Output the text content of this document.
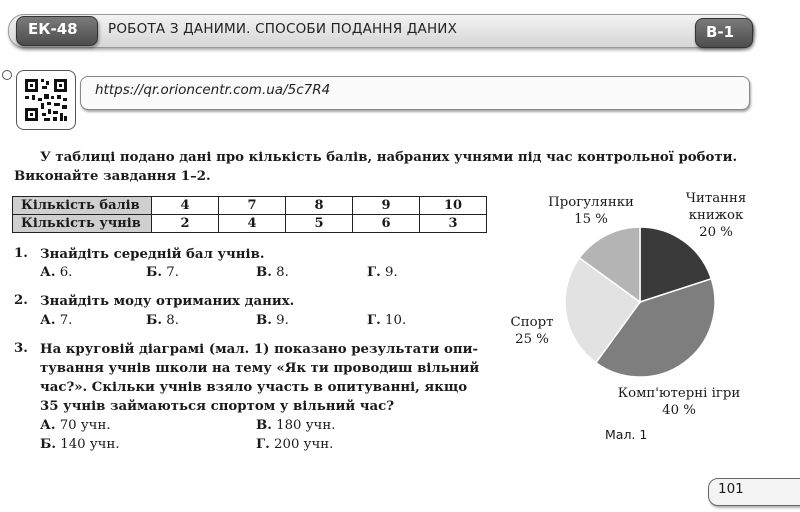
ЕК-48	РОБОТА З ДАНИМИ. СПОСОБИ ПОДАННЯ ДАНИХ	В-1
https://qr.orioncentr.com.ua/5c7R4
У таблиці подано дані про кількість балів, набраних учнями під час контрольної роботи. Виконайте завдання 1–2.
Кількість балів	4	7	8	9	10
Кількість учнів	2	4	5	6	3
1. Знайдіть середній бал учнів.
А. 6.	Б. 7.	В. 8.	Г. 9.
2. Знайдіть моду отриманих даних.
А. 7.	Б. 8.	В. 9.	Г. 10.
3. На круговій діаграмі (мал. 1) показано результати опи-
тування учнів школи на тему «Як ти проводиш вільний
час?». Скільки учнів взяло участь в опитуванні, якщо
35 учнів займаються спортом у вільний час?
А. 70 учн.	В. 180 учн.
Б. 140 учн.	Г. 200 учн.
Прогулянки
15 %
Читання
книжок
20 %
Спорт
25 %
Комп'ютерні ігри
40 %
Мал. 1
101
